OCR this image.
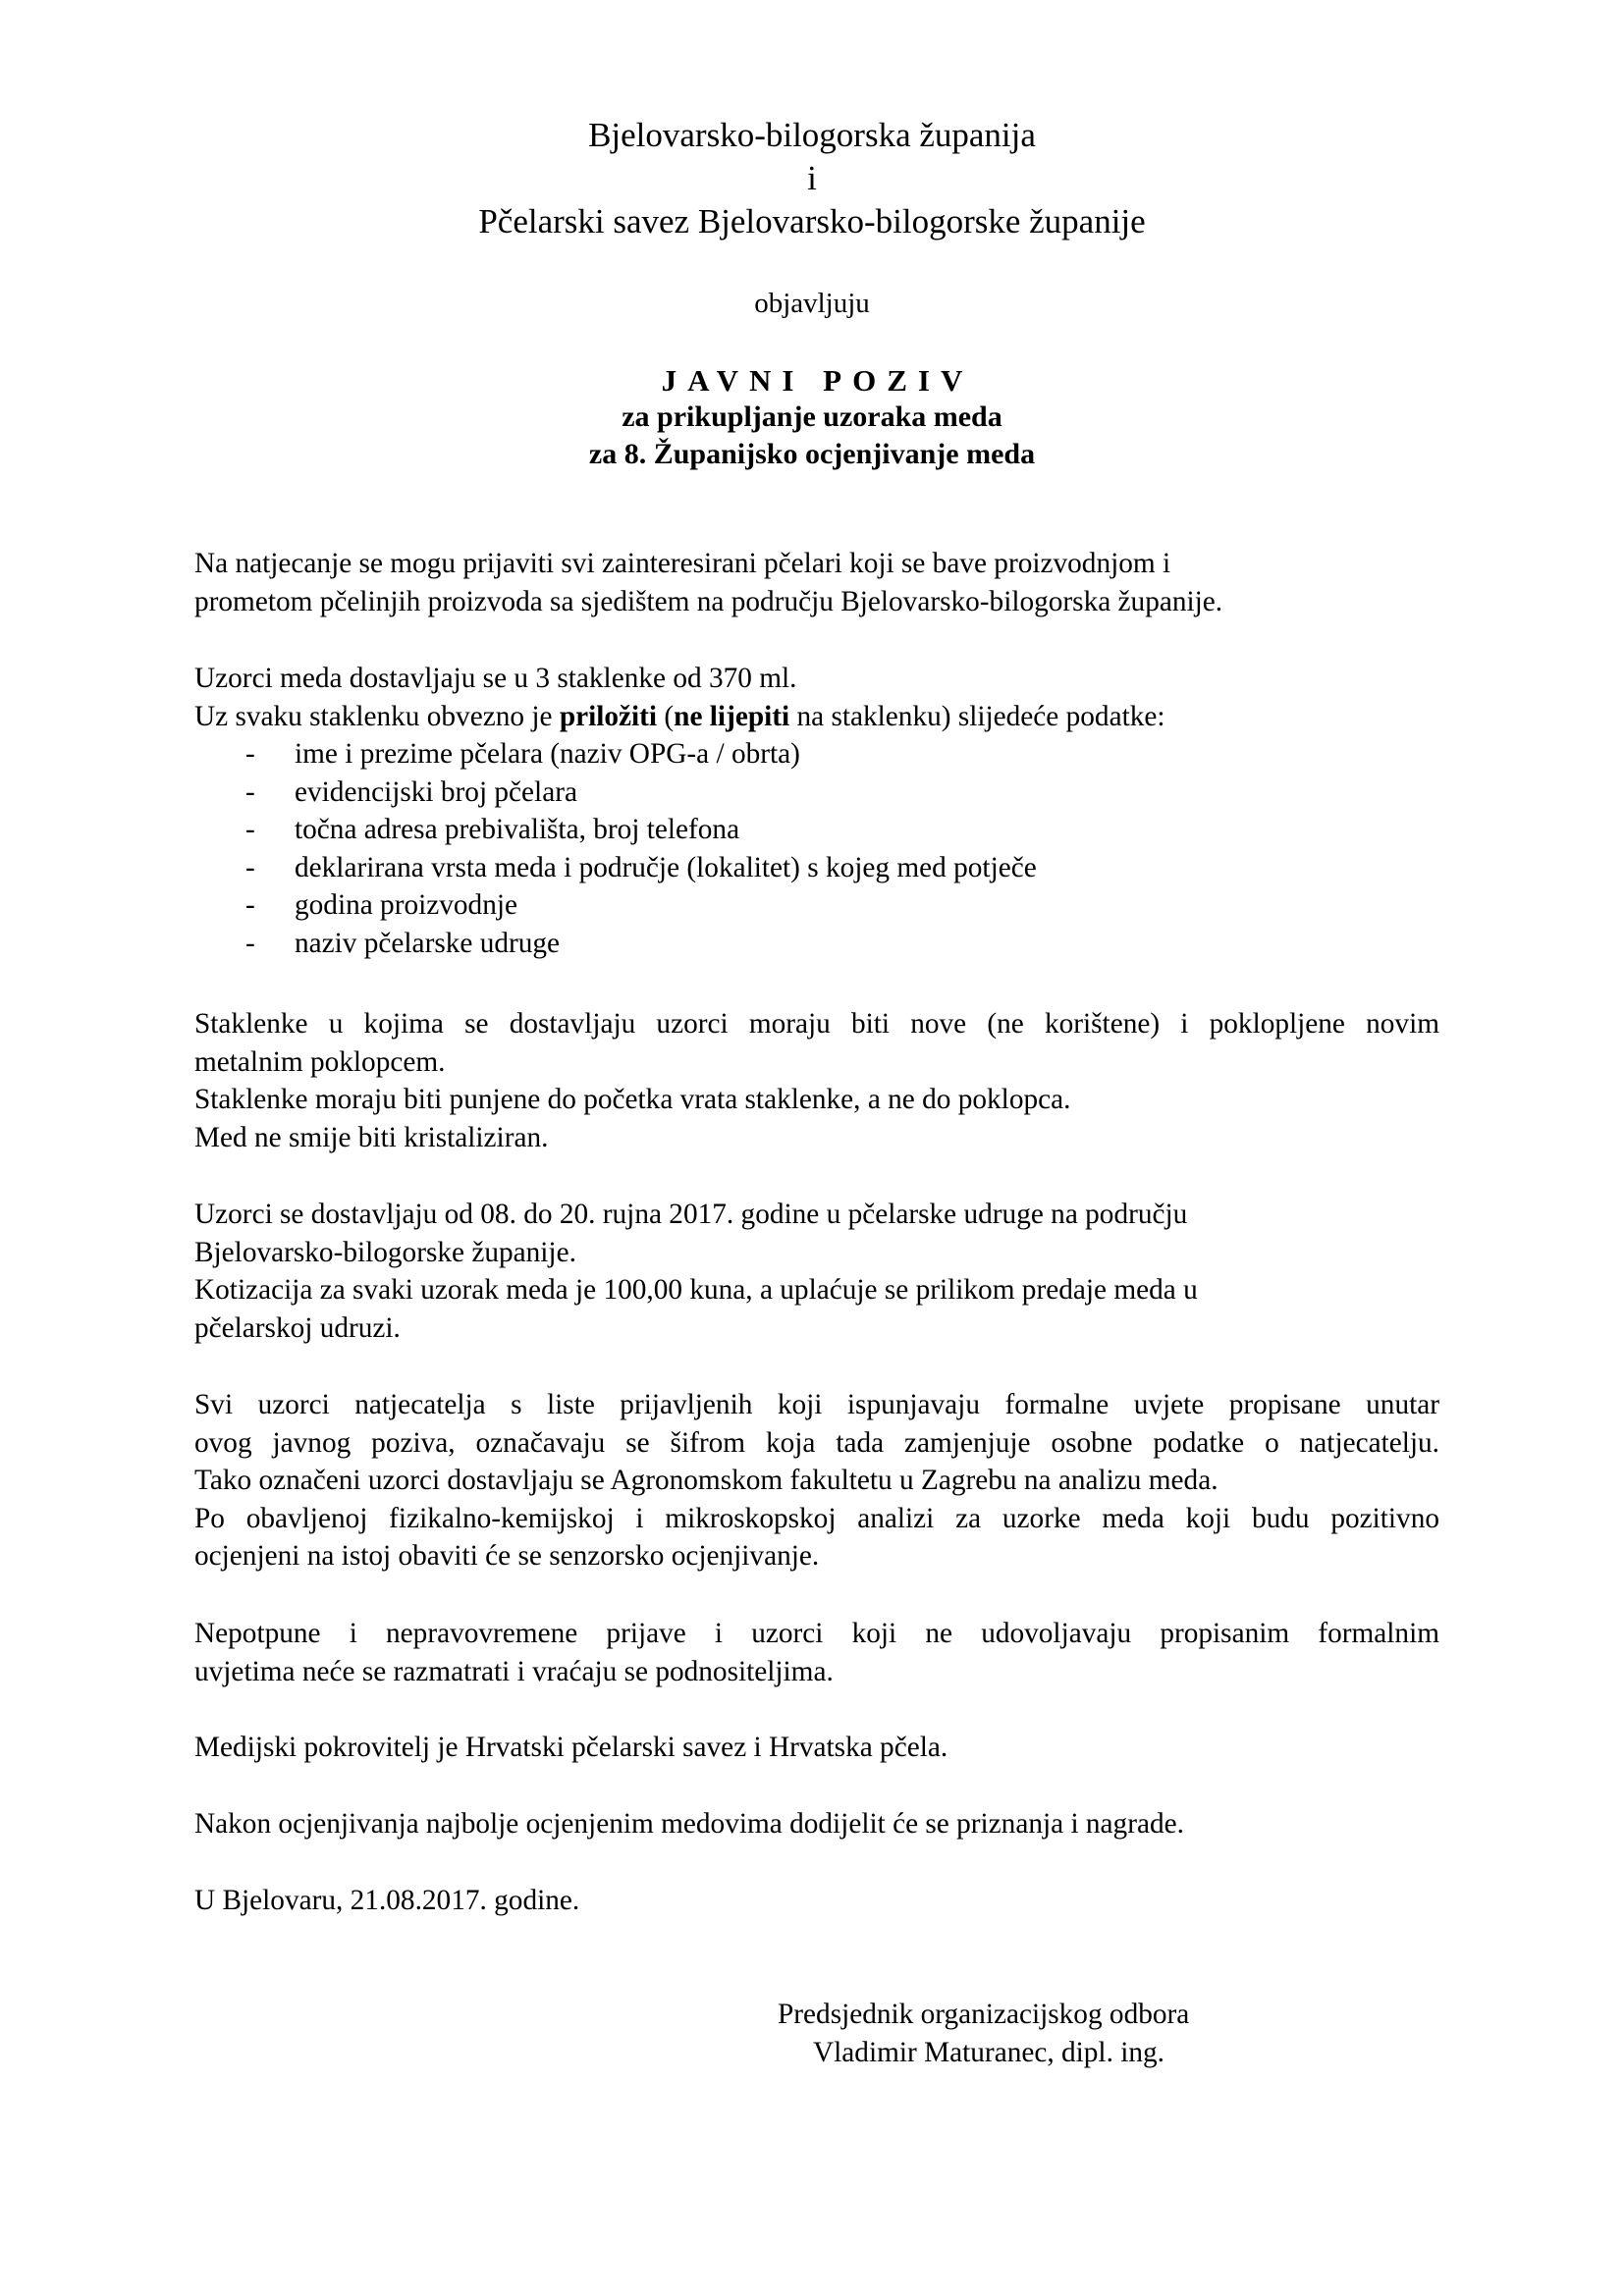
Bjelovarsko-bilogorska županija
i
Pčelarski savez Bjelovarsko-bilogorske županije
objavljuju
JAVNI POZIV
za prikupljanje uzoraka meda
za 8. Županijsko ocjenjivanje meda
Na natjecanje se mogu prijaviti svi zainteresirani pčelari koji se bave proizvodnjom i
prometom pčelinjih proizvoda sa sjedištem na području Bjelovarsko-bilogorska županije.
Uzorci meda dostavljaju se u 3 staklenke od 370 ml.
Uz svaku staklenku obvezno je priložiti (ne lijepiti na staklenku) slijedeće podatke:
- ime i prezime pčelara (naziv OPG-a / obrta)
- evidencijski broj pčelara
- točna adresa prebivališta, broj telefona
- deklarirana vrsta meda i područje (lokalitet) s kojeg med potječe
- godina proizvodnje
- naziv pčelarske udruge
Staklenke u kojima se dostavljaju uzorci moraju biti nove (ne korištene) i poklopljene novim
metalnim poklopcem.
Staklenke moraju biti punjene do početka vrata staklenke, a ne do poklopca.
Med ne smije biti kristaliziran.
Uzorci se dostavljaju od 08. do 20. rujna 2017. godine u pčelarske udruge na području
Bjelovarsko-bilogorske županije.
Kotizacija za svaki uzorak meda je 100,00 kuna, a uplaćuje se prilikom predaje meda u
pčelarskoj udruzi.
Svi uzorci natjecatelja s liste prijavljenih koji ispunjavaju formalne uvjete propisane unutar
ovog javnog poziva, označavaju se šifrom koja tada zamjenjuje osobne podatke o natjecatelju.
Tako označeni uzorci dostavljaju se Agronomskom fakultetu u Zagrebu na analizu meda.
Po obavljenoj fizikalno-kemijskoj i mikroskopskoj analizi za uzorke meda koji budu pozitivno
ocjenjeni na istoj obaviti će se senzorsko ocjenjivanje.
Nepotpune i nepravovremene prijave i uzorci koji ne udovoljavaju propisanim formalnim
uvjetima neće se razmatrati i vraćaju se podnositeljima.
Medijski pokrovitelj je Hrvatski pčelarski savez i Hrvatska pčela.
Nakon ocjenjivanja najbolje ocjenjenim medovima dodijelit će se priznanja i nagrade.
U Bjelovaru, 21.08.2017. godine.
Predsjednik organizacijskog odbora
Vladimir Maturanec, dipl. ing.
